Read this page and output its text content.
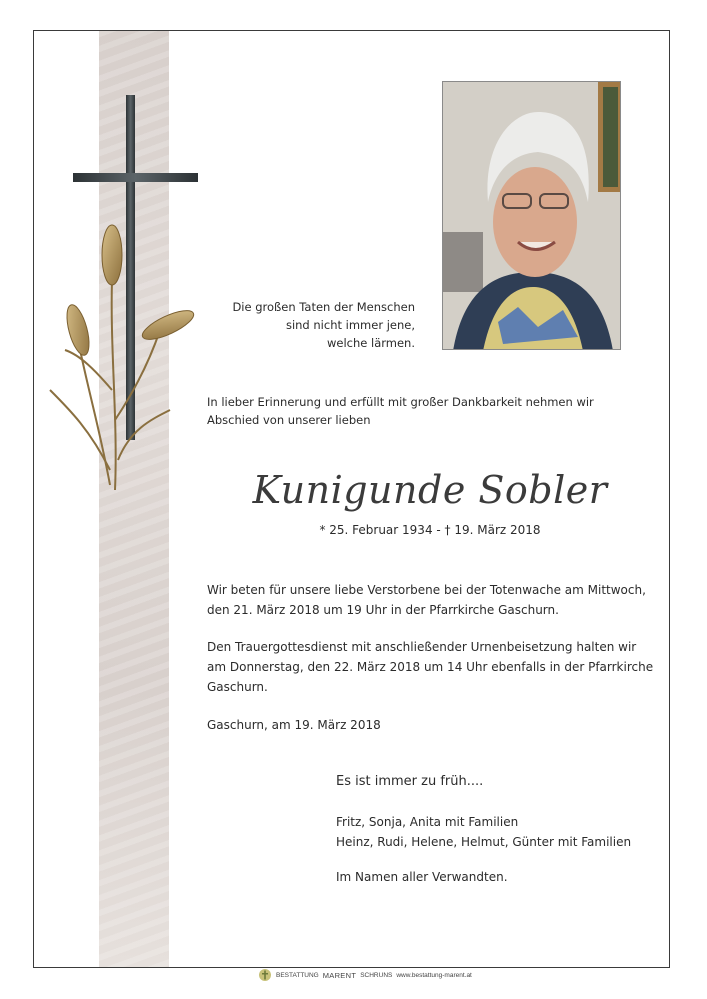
Die großen Taten der Menschen
sind nicht immer jene,
welche lärmen.
In lieber Erinnerung und erfüllt mit großer Dankbarkeit nehmen wir Abschied von unserer lieben
Kunigunde Sobler
* 25. Februar 1934 - † 19. März 2018
Wir beten für unsere liebe Verstorbene bei der Totenwache am Mittwoch, den 21. März 2018 um 19 Uhr in der Pfarrkirche Gaschurn.
Den Trauergottesdienst mit anschließender Urnenbeisetzung halten wir am Donnerstag, den 22. März 2018 um 14 Uhr ebenfalls in der Pfarrkirche Gaschurn.
Gaschurn, am 19. März 2018
Es ist immer zu früh....
Fritz, Sonja, Anita mit Familien
Heinz, Rudi, Helene, Helmut, Günter mit Familien
Im Namen aller Verwandten.
BESTATTUNG MARENT SCHRUNS www.bestattung-marent.at
